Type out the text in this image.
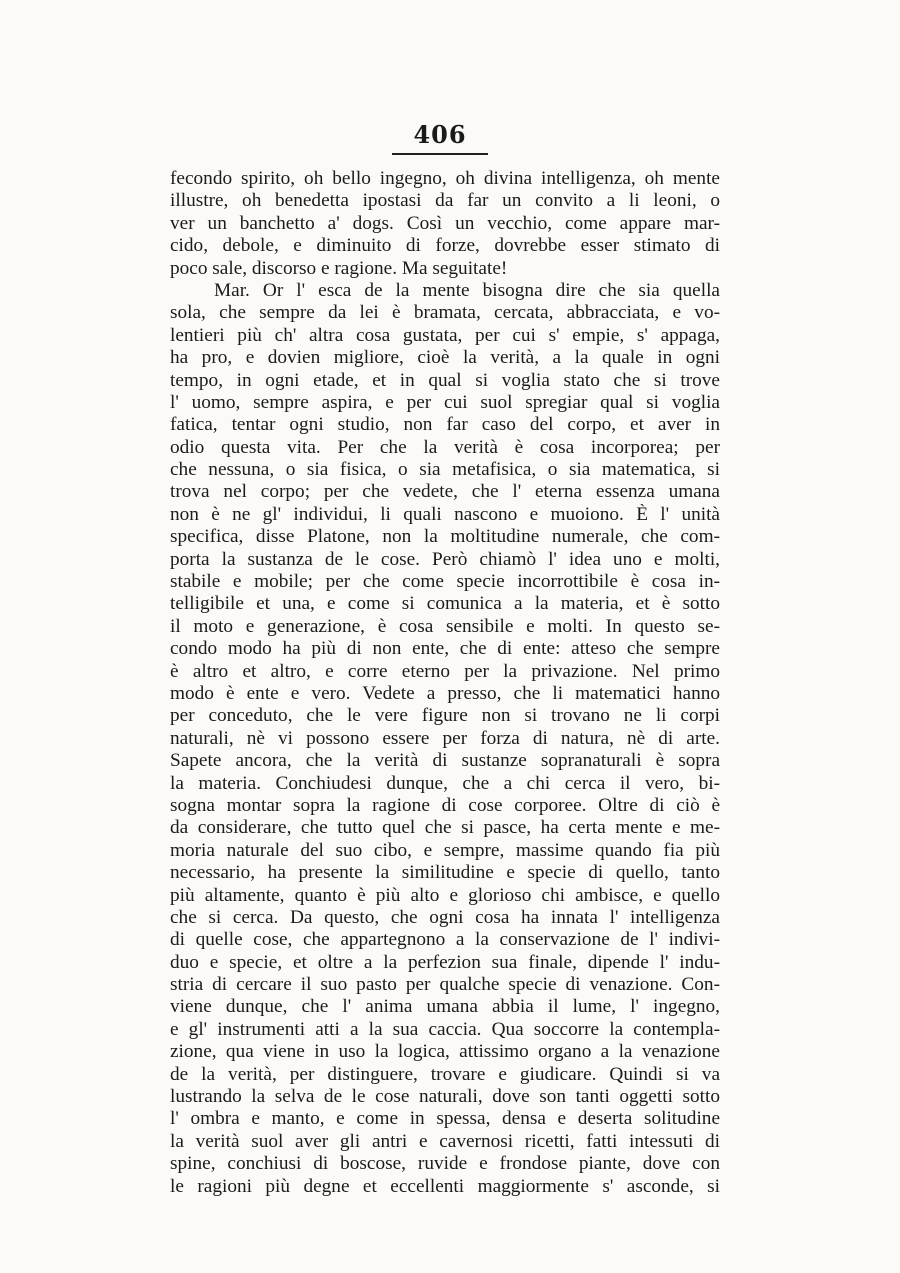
406
fecondo spirito, oh bello ingegno, oh divina intelligenza, oh mente
illustre, oh benedetta ipostasi da far un convito a li leoni, o
ver un banchetto a' dogs. Così un vecchio, come appare mar-
cido, debole, e diminuito di forze, dovrebbe esser stimato di
poco sale, discorso e ragione. Ma seguitate!
Mar. Or l' esca de la mente bisogna dire che sia quella
sola, che sempre da lei è bramata, cercata, abbracciata, e vo-
lentieri più ch' altra cosa gustata, per cui s' empie, s' appaga,
ha pro, e dovien migliore, cioè la verità, a la quale in ogni
tempo, in ogni etade, et in qual si voglia stato che si trove
l' uomo, sempre aspira, e per cui suol spregiar qual si voglia
fatica, tentar ogni studio, non far caso del corpo, et aver in
odio questa vita. Per che la verità è cosa incorporea; per
che nessuna, o sia fisica, o sia metafisica, o sia matematica, si
trova nel corpo; per che vedete, che l' eterna essenza umana
non è ne gl' individui, li quali nascono e muoiono. È l' unità
specifica, disse Platone, non la moltitudine numerale, che com-
porta la sustanza de le cose. Però chiamò l' idea uno e molti,
stabile e mobile; per che come specie incorrottibile è cosa in-
telligibile et una, e come si comunica a la materia, et è sotto
il moto e generazione, è cosa sensibile e molti. In questo se-
condo modo ha più di non ente, che di ente: atteso che sempre
è altro et altro, e corre eterno per la privazione. Nel primo
modo è ente e vero. Vedete a presso, che li matematici hanno
per conceduto, che le vere figure non si trovano ne li corpi
naturali, nè vi possono essere per forza di natura, nè di arte.
Sapete ancora, che la verità di sustanze sopranaturali è sopra
la materia. Conchiudesi dunque, che a chi cerca il vero, bi-
sogna montar sopra la ragione di cose corporee. Oltre di ciò è
da considerare, che tutto quel che si pasce, ha certa mente e me-
moria naturale del suo cibo, e sempre, massime quando fia più
necessario, ha presente la similitudine e specie di quello, tanto
più altamente, quanto è più alto e glorioso chi ambisce, e quello
che si cerca. Da questo, che ogni cosa ha innata l' intelligenza
di quelle cose, che appartegnono a la conservazione de l' indivi-
duo e specie, et oltre a la perfezion sua finale, dipende l' indu-
stria di cercare il suo pasto per qualche specie di venazione. Con-
viene dunque, che l' anima umana abbia il lume, l' ingegno,
e gl' instrumenti atti a la sua caccia. Qua soccorre la contempla-
zione, qua viene in uso la logica, attissimo organo a la venazione
de la verità, per distinguere, trovare e giudicare. Quindi si va
lustrando la selva de le cose naturali, dove son tanti oggetti sotto
l' ombra e manto, e come in spessa, densa e deserta solitudine
la verità suol aver gli antri e cavernosi ricetti, fatti intessuti di
spine, conchiusi di boscose, ruvide e frondose piante, dove con
le ragioni più degne et eccellenti maggiormente s' asconde, si
